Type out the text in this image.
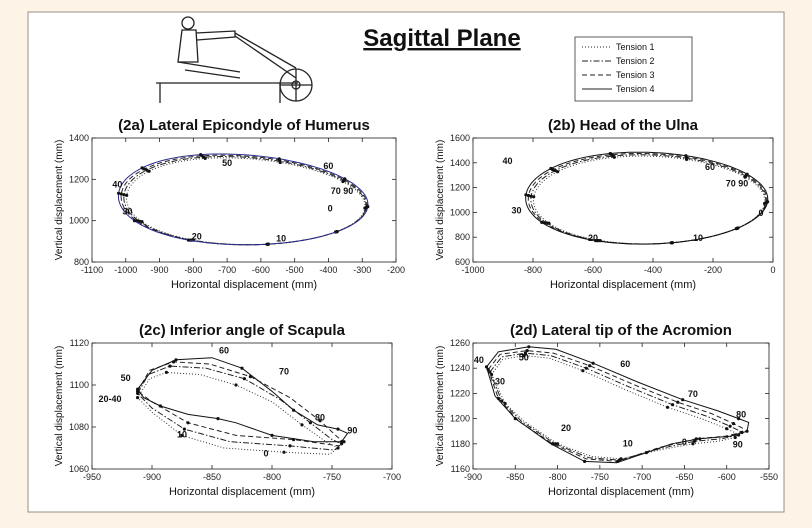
Sagittal Plane	Tension 1
Tension 2
Tension 3
Tension 4
(2a) Lateral Epicondyle of Humerus
-1100 -1000 -900 -800 -700 -600 -500 -400 -300 -200
800
1000
1200
1400
Horizontal displacement (mm)
Vertical displacement (mm)	50	60
40
70 90
30	0
20	10
(2b) Head of the Ulna
-1000	-800	-600	-400	-200	0
600
800
1000
1200
1400
1600
Horizontal displacement (mm)
Vertical displacement (mm)	40
60
70 90
30	0
20	10
(2c) Inferior angle of Scapula
-950	-900	-850	-800	-750	-700
1060
1080
1100
1120
Horizontal displacement (mm)
Vertical displacement (mm)	60
70
50
20-40
80
90
10
0
(2d) Lateral tip of the Acromion
-900	-850	-800	-750	-700	-650	-600	-550
1160
1180
1200
1220
1240
1260
Horizontal displacement (mm)
Vertical displacement (mm)	40	50
60
30
70
80
20
0
10	90
